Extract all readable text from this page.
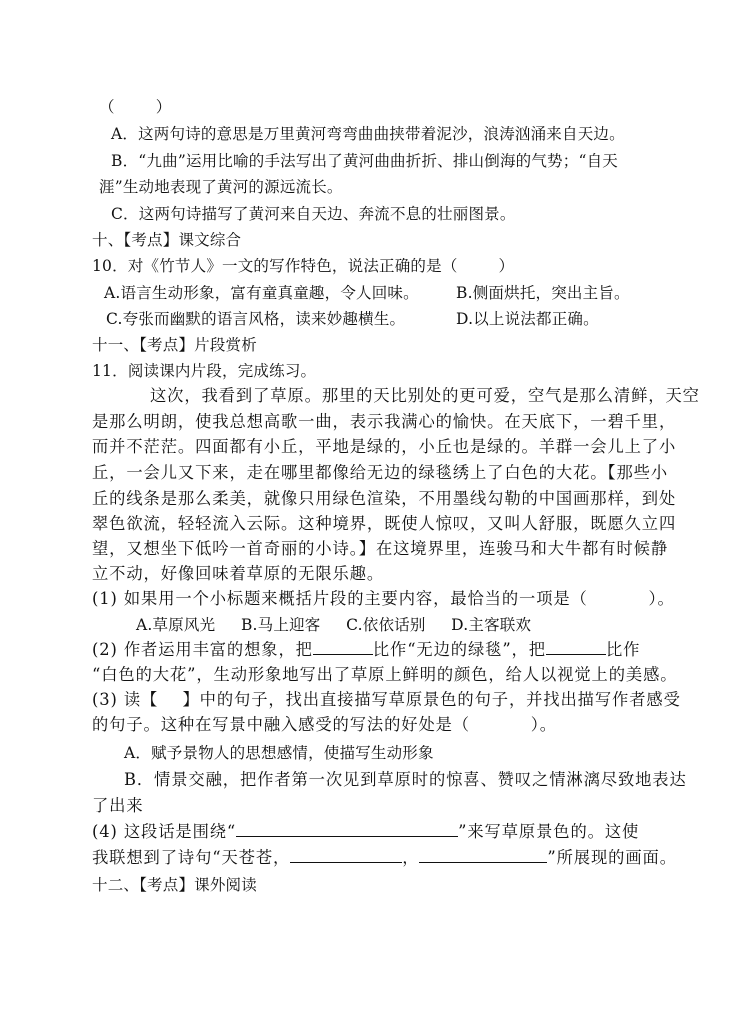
（        ）
A．这两句诗的意思是万里黄河弯弯曲曲挟带着泥沙，浪涛汹涌来自天边。
B．“九曲”运用比喻的手法写出了黄河曲曲折折、排山倒海的气势；“自天
涯”生动地表现了黄河的源远流长。
C．这两句诗描写了黄河来自天边、奔流不息的壮丽图景。
十、【考点】课文综合
10．对《竹节人》一文的写作特色，说法正确的是（        ）
A.语言生动形象，富有童真童趣，令人回味。 B.侧面烘托，突出主旨。
C.夸张而幽默的语言风格，读来妙趣横生。	D.以上说法都正确。
十一、【考点】片段赏析
11．阅读课内片段，完成练习。
这次，我看到了草原。那里的天比别处的更可爱，空气是那么清鲜，天空
是那么明朗，使我总想高歌一曲，表示我满心的愉快。在天底下，一碧千里，
而并不茫茫。四面都有小丘，平地是绿的，小丘也是绿的。羊群一会儿上了小
丘，一会儿又下来，走在哪里都像给无边的绿毯绣上了白色的大花。【那些小
丘的线条是那么柔美，就像只用绿色渲染，不用墨线勾勒的中国画那样，到处
翠色欲流，轻轻流入云际。这种境界，既使人惊叹，又叫人舒服，既愿久立四
望，又想坐下低吟一首奇丽的小诗。】在这境界里，连骏马和大牛都有时候静
立不动，好像回味着草原的无限乐趣。
(1) 如果用一个小标题来概括片段的主要内容，最恰当的一项是（          ）。
A.草原风光     B.马上迎客     C.依依话别     D.主客联欢
(2) 作者运用丰富的想象，把	比作“无边的绿毯”，把	比作
“白色的大花”，生动形象地写出了草原上鲜明的颜色，给人以视觉上的美感。
(3) 读【    】中的句子，找出直接描写草原景色的句子，并找出描写作者感受
的句子。这种在写景中融入感受的写法的好处是（          ）。
A．赋予景物人的思想感情，使描写生动形象
B．情景交融，把作者第一次见到草原时的惊喜、赞叹之情淋漓尽致地表达
了出来
(4) 这段话是围绕“	”来写草原景色的。这使
我联想到了诗句“天苍苍，	，	”所展现的画面。
十二、【考点】课外阅读
